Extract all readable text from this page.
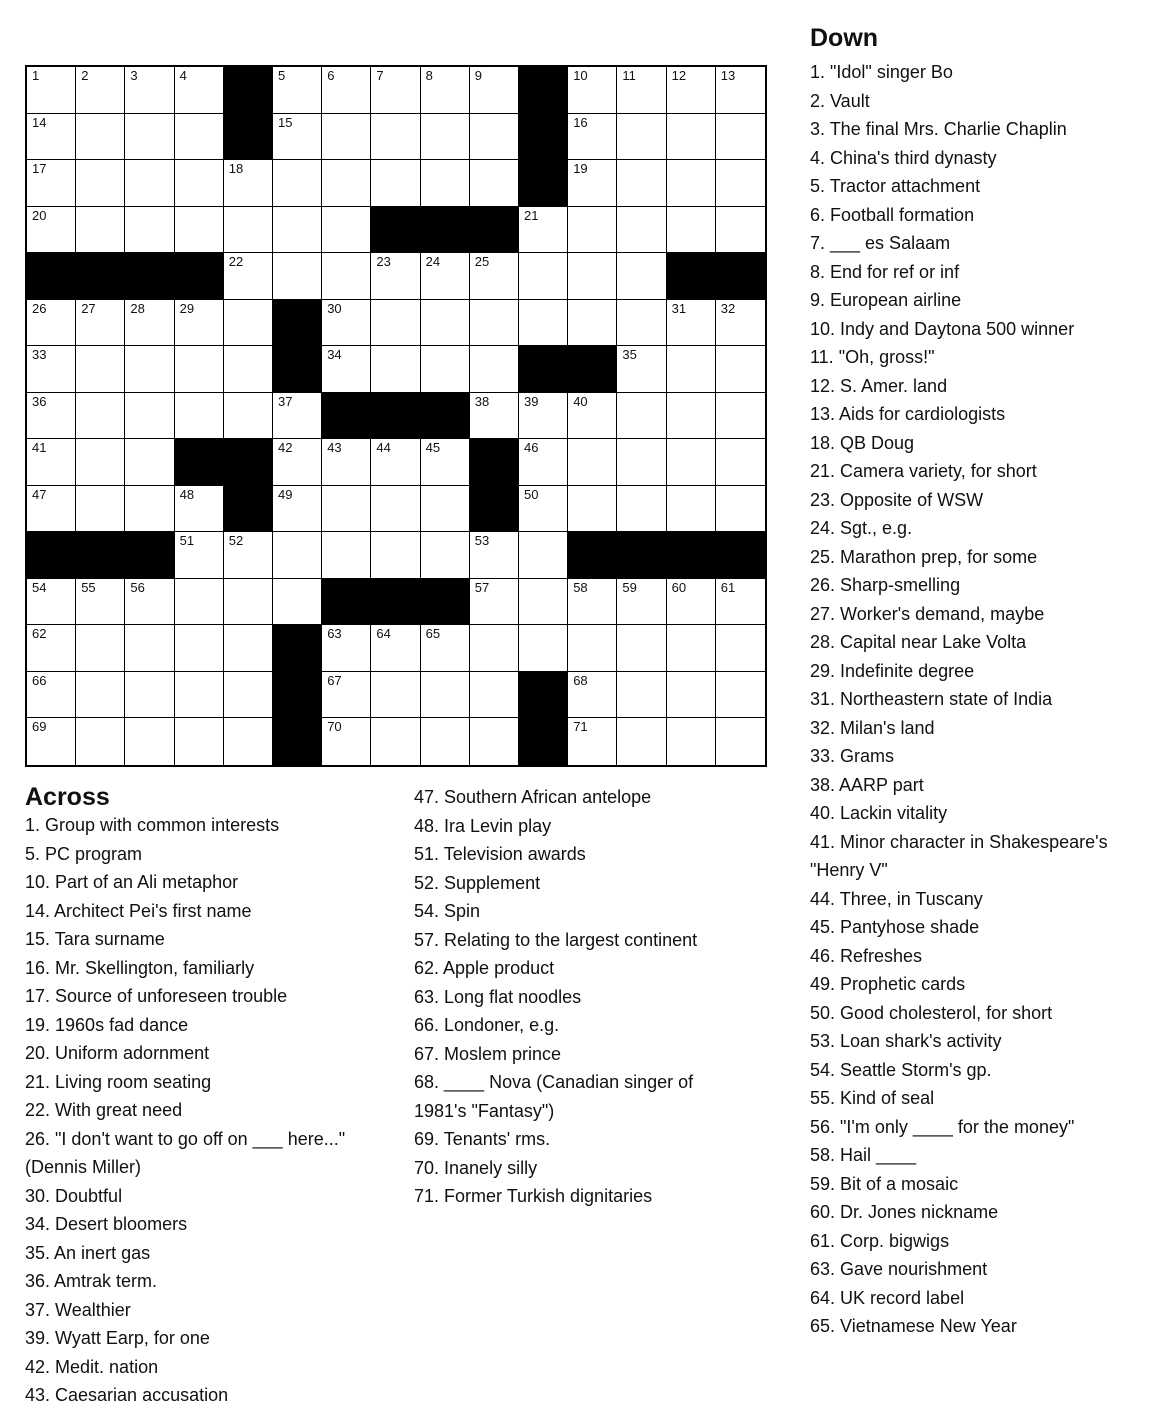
1	2	3	4	5	6	7	8	9	10	11	12	13
14	15	16
17	18	19
20	21
22	23	24	25
26	27	28	29	30	31	32
33	34	35
36	37	38	39	40
41	42	43	44	45	46
47	48	49	50
51	52	53
54	55	56	57	58	59	60	61
62	63	64	65
66	67	68
69	70	71
Down
1. "Idol" singer Bo
2. Vault
3. The final Mrs. Charlie Chaplin
4. China's third dynasty
5. Tractor attachment
6. Football formation
7. ___ es Salaam
8. End for ref or inf
9. European airline
10. Indy and Daytona 500 winner
11. "Oh, gross!"
12. S. Amer. land
13. Aids for cardiologists
18. QB Doug
21. Camera variety, for short
23. Opposite of WSW
24. Sgt., e.g.
25. Marathon prep, for some
26. Sharp-smelling
27. Worker's demand, maybe
28. Capital near Lake Volta
29. Indefinite degree
31. Northeastern state of India
32. Milan's land
33. Grams
38. AARP part
40. Lackin vitality
41. Minor character in Shakespeare's
"Henry V"
44. Three, in Tuscany
45. Pantyhose shade
46. Refreshes
49. Prophetic cards
50. Good cholesterol, for short
53. Loan shark's activity
54. Seattle Storm's gp.
55. Kind of seal
56. "I'm only ____ for the money"
58. Hail ____
59. Bit of a mosaic
60. Dr. Jones nickname
61. Corp. bigwigs
63. Gave nourishment
64. UK record label
65. Vietnamese New Year
Across
1. Group with common interests
5. PC program
10. Part of an Ali metaphor
14. Architect Pei's first name
15. Tara surname
16. Mr. Skellington, familiarly
17. Source of unforeseen trouble
19. 1960s fad dance
20. Uniform adornment
21. Living room seating
22. With great need
26. "I don't want to go off on ___ here..."
(Dennis Miller)
30. Doubtful
34. Desert bloomers
35. An inert gas
36. Amtrak term.
37. Wealthier
39. Wyatt Earp, for one
42. Medit. nation
43. Caesarian accusation
47. Southern African antelope
48. Ira Levin play
51. Television awards
52. Supplement
54. Spin
57. Relating to the largest continent
62. Apple product
63. Long flat noodles
66. Londoner, e.g.
67. Moslem prince
68. ____ Nova (Canadian singer of
1981's "Fantasy")
69. Tenants' rms.
70. Inanely silly
71. Former Turkish dignitaries
